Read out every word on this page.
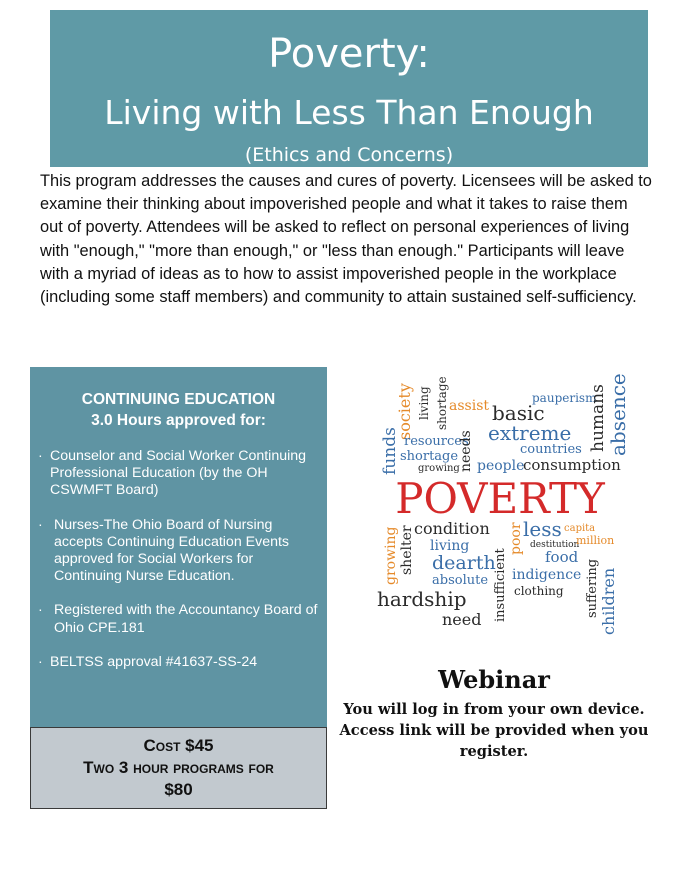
Poverty:
Living with Less Than Enough
(Ethics and Concerns)
This program addresses the causes and cures of poverty. Licensees will be asked to examine their thinking about impoverished people and what it takes to raise them out of poverty. Attendees will be asked to reflect on personal experiences of living with "enough," "more than enough," or "less than enough." Participants will leave with a myriad of ideas as to how to assist impoverished people in the workplace (including some staff members) and community to attain sustained self-sufficiency.
CONTINUING EDUCATION
3.0 Hours approved for:
· Counselor and Social Worker Continuing Professional Education (by the OH CSWMFT Board)
· Nurses-The Ohio Board of Nursing accepts Continuing Education Events approved for Social Workers for Continuing Nurse Education.
· Registered with the Accountancy Board of Ohio CPE.181
· BELTSS approval #41637-SS-24
Cost $45
Two 3 hour programs for
$80
society living shortage assist	pauperism
basic	humans
absence
funds resources
needs extreme
countries
shortage
growing people
consumption
POVERTY
condition poor less capita
destitution
million
growing shelter living
food
dearth
insufficient indigence
absolute	suffering children
clothing
hardship
need
Webinar
You will log in from your own device.
Access link will be provided when you register.
